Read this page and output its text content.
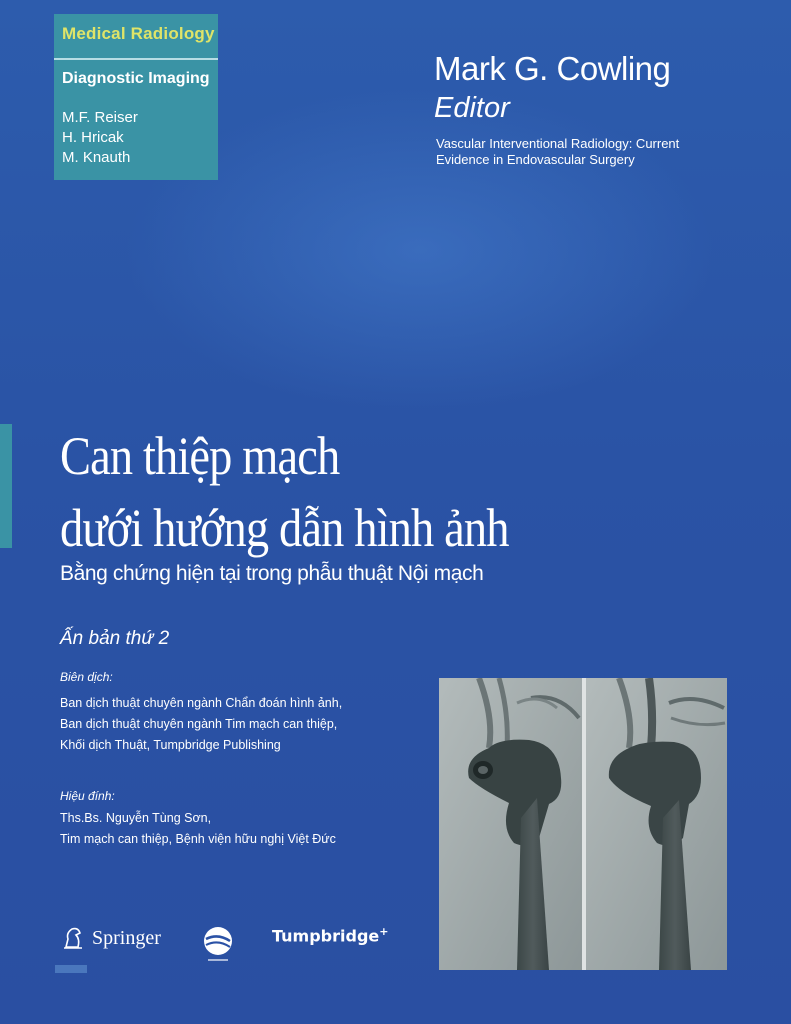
Medical Radiology
Diagnostic Imaging
M.F. Reiser
H. Hricak
M. Knauth
Mark G. Cowling
Editor
Vascular Interventional Radiology: Current
Evidence in Endovascular Surgery
Can thiệp mạch
dưới hướng dẫn hình ảnh
Bằng chứng hiện tại trong phẫu thuật Nội mạch
Ấn bản thứ 2
Biên dịch:
Ban dịch thuật chuyên ngành Chẩn đoán hình ảnh,
Ban dịch thuật chuyên ngành Tim mạch can thiệp,
Khối dịch Thuật, Tumpbridge Publishing
Hiệu đính:
Ths.Bs. Nguyễn Tùng Sơn,
Tim mạch can thiệp, Bệnh viện hữu nghị Việt Đức
Springer	Tumpbridge+
